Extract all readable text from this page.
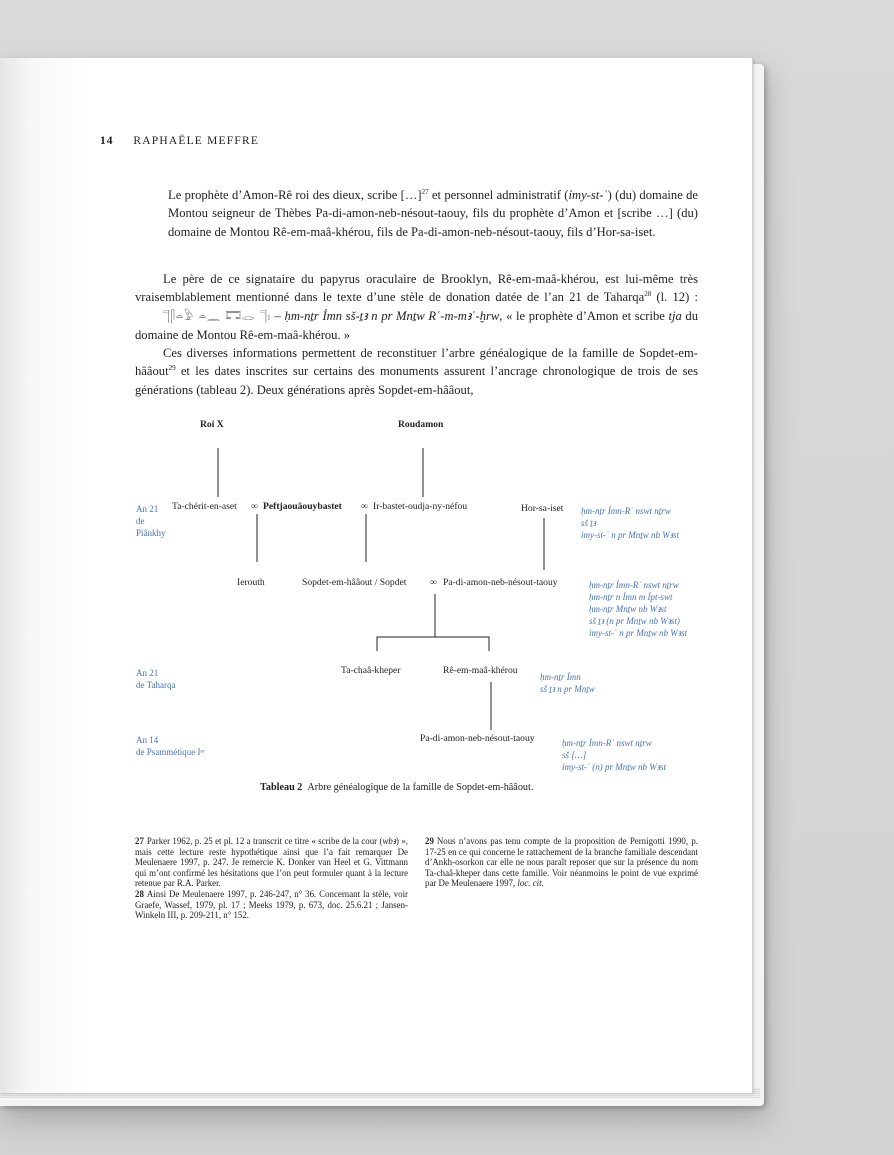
14 RAPHAËLE MEFFRE
Le prophète d’Amon-Rê roi des dieux, scribe […]$^{27}$ et personnel administratif (ỉmy-st-ʿ) (du) domaine de Montou seigneur de Thèbes Pa-di-amon-neb-nésout-taouy, fils du prophète d’Amon et [scribe …] (du) domaine de Montou Rê-em-maâ-khérou, fils de Pa-di-amon-neb-nésout-taouy, fils d’Hor-sa-iset.

Le père de ce signataire du papyrus oraculaire de Brooklyn, Rê-em-maâ-khérou, est lui-même très vraisemblablement mentionné dans le texte d’une stèle de donation datée de l’an 21 de Taharqa$^{28}$ (l. 12) : 𓊹𓋴𓏏𓅱 𓏏𓈖 𓉐𓂋 𓊹𓏤 – ḥm-nṯr Ỉmn sš-ṯꜣ n pr Mnṯw Rʿ-m-mꜣʿ-ḫrw, « le prophète d’Amon et scribe tja du domaine de Montou Rê-em-maâ-khérou. »

Ces diverses informations permettent de reconstituer l’arbre généalogique de la famille de Sopdet-em-hââout$^{29}$ et les dates inscrites sur certains des monuments assurent l’ancrage chronologique de trois de ses générations (tableau 2). Deux générations après Sopdet-em-hââout,

Roi X	Roudamon
An 21
de
Piânkhy
Ta-chérit-en-aset ∞ Peftjaouâouybastet ∞ Ir-bastet-oudja-ny-néfou	Hor-sa-iset ḥm-nṯr Ỉmn-Rʿ nswt nṯrw
sš ṯꜣ
ỉmy-st-ʿ n pr Mnṯw nb Wꜣst
Ierouth	Sopdet-em-hââout / Sopdet ∞ Pa-di-amon-neb-nésout-taouy	ḥm-nṯr Ỉmn-Rʿ nswt nṯrw
ḥm-nṯr n Ỉmn m Ỉpt-swt
ḥm-nṯr Mnṯw nb Wꜣst
sš ṯꜣ (n pr Mnṯw nb Wꜣst)
ỉmy-st-ʿ n pr Mnṯw nb Wꜣst
An 21
de Taharqa
Ta-chaâ-kheper	Rê-em-maâ-khérou
ḥm-nṯr Ỉmn
sš ṯꜣ n pr Mnṯw
An 14
de Psammétique Iᵉʳ
Pa-di-amon-neb-nésout-taouy	ḥm-nṯr Ỉmn-Rʿ nswt nṯrw
sš […]
ỉmy-st-ʿ (n) pr Mnṯw nb Wꜣst
Tableau 2 Arbre généalogique de la famille de Sopdet-em-hââout.

27 Parker 1962, p. 25 et pl. 12 a transcrit ce titre « scribe de la cour (wbꜣ) », mais cette lecture reste hypothétique ainsi que l’a fait remarquer De Meulenaere 1997, p. 247. Je remercie K. Donker van Heel et G. Vittmann qui m’ont confirmé les hésitations que l’on peut formuler quant à la lecture retenue par R.A. Parker.

28 Ainsi De Meulenaere 1997, p. 246-247, n° 36. Concernant la stèle, voir Graefe, Wassef, 1979, pl. 17 ; Meeks 1979, p. 673, doc. 25.6.21 ; Jansen-Winkeln III, p. 209-211, n° 152.

29 Nous n’avons pas tenu compte de la proposition de Pernigotti 1990, p. 17-25 en ce qui concerne le rattachement de la branche familiale descendant d’Ankh-osorkon car elle ne nous paraît reposer que sur la présence du nom Ta-chaâ-kheper dans cette famille. Voir néanmoins le point de vue exprimé par De Meulenaere 1997, loc. cit.
